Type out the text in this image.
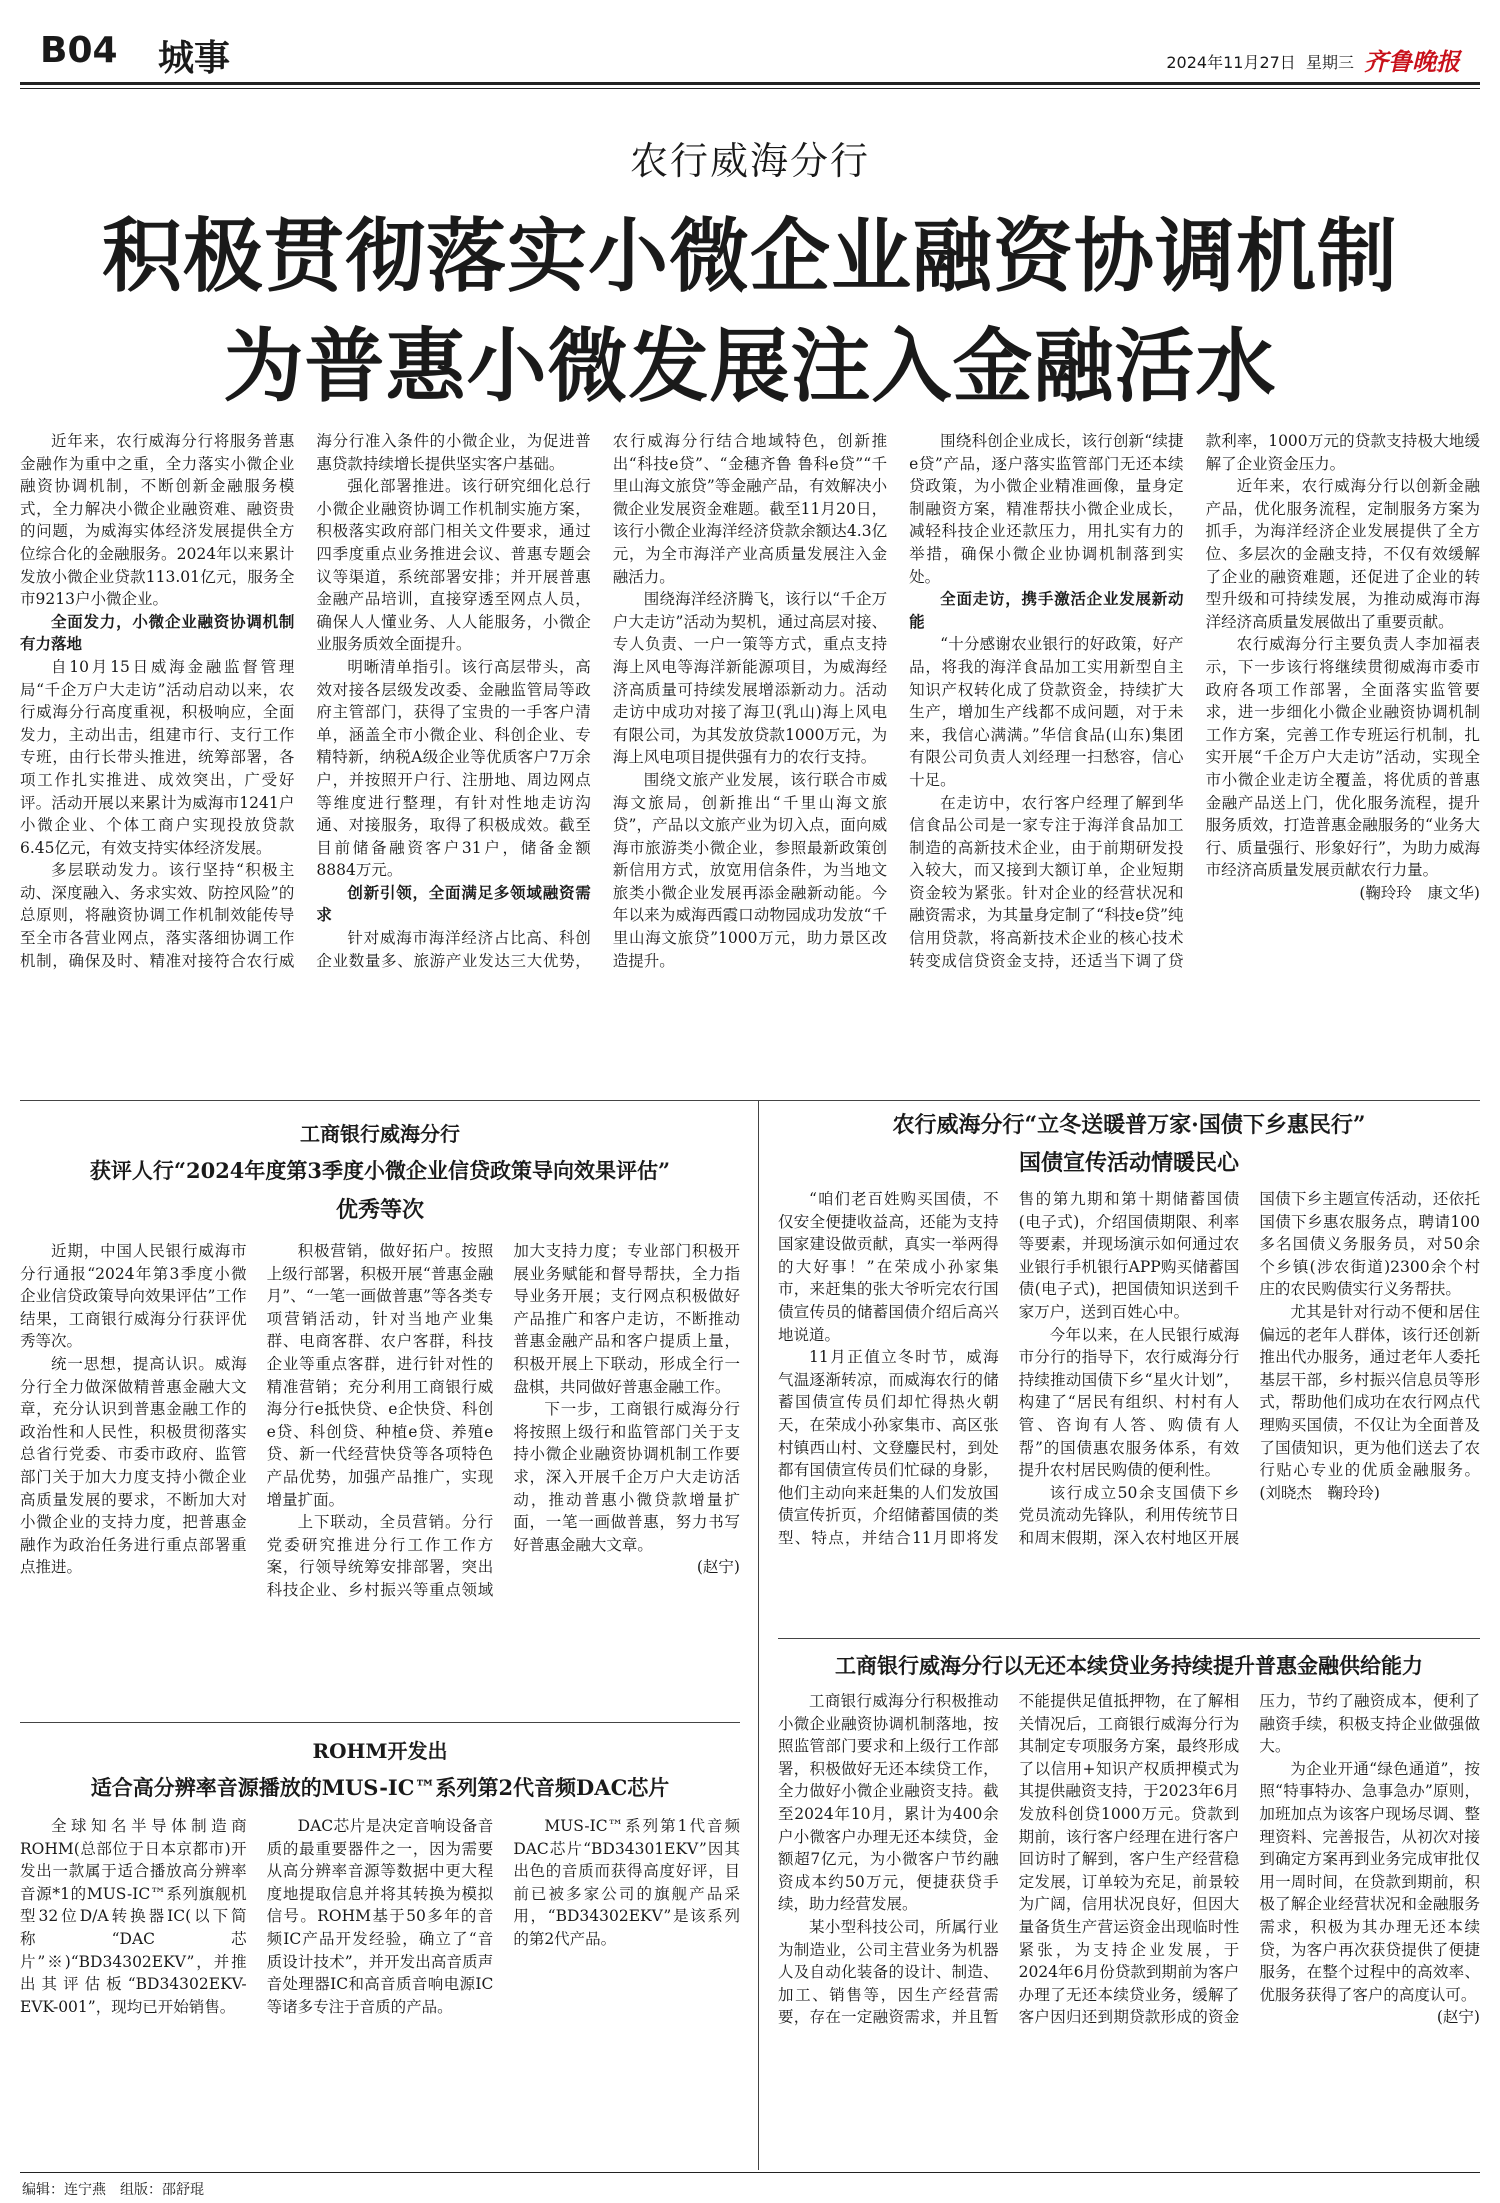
B04 城事	2024年11月27日 星期三 齐鲁晚报
农行威海分行
积极贯彻落实小微企业融资协调机制
为普惠小微发展注入金融活水

近年来，农行威海分行将服务普惠金融作为重中之重，全力落实小微企业融资协调机制，不断创新金融服务模式，全力解决小微企业融资难、融资贵的问题，为威海实体经济发展提供全方位综合化的金融服务。2024年以来累计发放小微企业贷款113.01亿元，服务全市9213户小微企业。

全面发力，小微企业融资协调机制有力落地

自10月15日威海金融监督管理局“千企万户大走访”活动启动以来，农行威海分行高度重视，积极响应，全面发力，主动出击，组建市行、支行工作专班，由行长带头推进，统筹部署，各项工作扎实推进、成效突出，广受好评。活动开展以来累计为威海市1241户小微企业、个体工商户实现投放贷款6.45亿元，有效支持实体经济发展。

多层联动发力。该行坚持“积极主动、深度融入、务求实效、防控风险”的总原则，将融资协调工作机制效能传导至全市各营业网点，落实落细协调工作机制，确保及时、精准对接符合农行威海分行准入条件的小微企业，为促进普惠贷款持续增长提供坚实客户基础。

强化部署推进。该行研究细化总行小微企业融资协调工作机制实施方案，积极落实政府部门相关文件要求，通过四季度重点业务推进会议、普惠专题会议等渠道，系统部署安排；并开展普惠金融产品培训，直接穿透至网点人员，确保人人懂业务、人人能服务，小微企业服务质效全面提升。

明晰清单指引。该行高层带头，高效对接各层级发改委、金融监管局等政府主管部门，获得了宝贵的一手客户清单，涵盖全市小微企业、科创企业、专精特新，纳税A级企业等优质客户7万余户，并按照开户行、注册地、周边网点等维度进行整理，有针对性地走访沟通、对接服务，取得了积极成效。截至目前储备融资客户31户，储备金额8884万元。

创新引领，全面满足多领域融资需求

针对威海市海洋经济占比高、科创企业数量多、旅游产业发达三大优势，农行威海分行结合地域特色，创新推出“科技e贷”、“金穗齐鲁 鲁科e贷”“千里山海文旅贷”等金融产品，有效解决小微企业发展资金难题。截至11月20日，该行小微企业海洋经济贷款余额达4.3亿元，为全市海洋产业高质量发展注入金融活力。

围绕海洋经济腾飞，该行以“千企万户大走访”活动为契机，通过高层对接、专人负责、一户一策等方式，重点支持海上风电等海洋新能源项目，为威海经济高质量可持续发展增添新动力。活动走访中成功对接了海卫(乳山)海上风电有限公司，为其发放贷款1000万元，为海上风电项目提供强有力的农行支持。

围绕文旅产业发展，该行联合市威海文旅局，创新推出“千里山海文旅贷”，产品以文旅产业为切入点，面向威海市旅游类小微企业，参照最新政策创新信用方式，放宽用信条件，为当地文旅类小微企业发展再添金融新动能。今年以来为威海西霞口动物园成功发放“千里山海文旅贷”1000万元，助力景区改造提升。

围绕科创企业成长，该行创新“续捷e贷”产品，逐户落实监管部门无还本续贷政策，为小微企业精准画像，量身定制融资方案，精准帮扶小微企业成长，减轻科技企业还款压力，用扎实有力的举措，确保小微企业协调机制落到实处。

全面走访，携手激活企业发展新动能

“十分感谢农业银行的好政策，好产品，将我的海洋食品加工实用新型自主知识产权转化成了贷款资金，持续扩大生产，增加生产线都不成问题，对于未来，我信心满满。”华信食品(山东)集团有限公司负责人刘经理一扫愁容，信心十足。

在走访中，农行客户经理了解到华信食品公司是一家专注于海洋食品加工制造的高新技术企业，由于前期研发投入较大，而又接到大额订单，企业短期资金较为紧张。针对企业的经营状况和融资需求，为其量身定制了“科技e贷”纯信用贷款，将高新技术企业的核心技术转变成信贷资金支持，还适当下调了贷款利率，1000万元的贷款支持极大地缓解了企业资金压力。

近年来，农行威海分行以创新金融产品，优化服务流程，定制服务方案为抓手，为海洋经济企业发展提供了全方位、多层次的金融支持，不仅有效缓解了企业的融资难题，还促进了企业的转型升级和可持续发展，为推动威海市海洋经济高质量发展做出了重要贡献。

农行威海分行主要负责人李加福表示，下一步该行将继续贯彻威海市委市政府各项工作部署，全面落实监管要求，进一步细化小微企业融资协调机制工作方案，完善工作专班运行机制，扎实开展“千企万户大走访”活动，实现全市小微企业走访全覆盖，将优质的普惠金融产品送上门，优化服务流程，提升服务质效，打造普惠金融服务的“业务大行、质量强行、形象好行”，为助力威海市经济高质量发展贡献农行力量。

(鞠玲玲　康文华)

工商银行威海分行
获评人行“2024年度第3季度小微企业信贷政策导向效果评估”
优秀等次

近期，中国人民银行威海市分行通报“2024年第3季度小微企业信贷政策导向效果评估”工作结果，工商银行威海分行获评优秀等次。

统一思想，提高认识。威海分行全力做深做精普惠金融大文章，充分认识到普惠金融工作的政治性和人民性，积极贯彻落实总省行党委、市委市政府、监管部门关于加大力度支持小微企业高质量发展的要求，不断加大对小微企业的支持力度，把普惠金融作为政治任务进行重点部署重点推进。

积极营销，做好拓户。按照上级行部署，积极开展“普惠金融月”、“一笔一画做普惠”等各类专项营销活动，针对当地产业集群、电商客群、农户客群，科技企业等重点客群，进行针对性的精准营销；充分利用工商银行威海分行e抵快贷、e企快贷、科创e贷、科创贷、种植e贷、养殖e贷、新一代经营快贷等各项特色产品优势，加强产品推广，实现增量扩面。

上下联动，全员营销。分行党委研究推进分行工作工作方案，行领导统筹安排部署，突出科技企业、乡村振兴等重点领域加大支持力度；专业部门积极开展业务赋能和督导帮扶，全力指导业务开展；支行网点积极做好产品推广和客户走访，不断推动普惠金融产品和客户提质上量，积极开展上下联动，形成全行一盘棋，共同做好普惠金融工作。

下一步，工商银行威海分行将按照上级行和监管部门关于支持小微企业融资协调机制工作要求，深入开展千企万户大走访活动，推动普惠小微贷款增量扩面，一笔一画做普惠，努力书写好普惠金融大文章。

(赵宁)

农行威海分行“立冬送暖普万家·国债下乡惠民行”
国债宣传活动情暖民心

“咱们老百姓购买国债，不仅安全便捷收益高，还能为支持国家建设做贡献，真实一举两得的大好事！”在荣成小孙家集市，来赶集的张大爷听完农行国债宣传员的储蓄国债介绍后高兴地说道。

11月正值立冬时节，威海气温逐渐转凉，而威海农行的储蓄国债宣传员们却忙得热火朝天，在荣成小孙家集市、高区张村镇西山村、文登鏖民村，到处都有国债宣传员们忙碌的身影，他们主动向来赶集的人们发放国债宣传折页，介绍储蓄国债的类型、特点，并结合11月即将发售的第九期和第十期储蓄国债(电子式)，介绍国债期限、利率等要素，并现场演示如何通过农业银行手机银行APP购买储蓄国债(电子式)，把国债知识送到千家万户，送到百姓心中。

今年以来，在人民银行威海市分行的指导下，农行威海分行持续推动国债下乡“星火计划”，构建了“居民有组织、村村有人管、咨询有人答、购债有人帮”的国债惠农服务体系，有效提升农村居民购债的便利性。

该行成立50余支国债下乡党员流动先锋队，利用传统节日和周末假期，深入农村地区开展国债下乡主题宣传活动，还依托国债下乡惠农服务点，聘请100多名国债义务服务员，对50余个乡镇(涉农街道)2300余个村庄的农民购债实行义务帮扶。

尤其是针对行动不便和居住偏远的老年人群体，该行还创新推出代办服务，通过老年人委托基层干部，乡村振兴信息员等形式，帮助他们成功在农行网点代理购买国债，不仅让为全面普及了国债知识，更为他们送去了农行贴心专业的优质金融服务。(刘晓杰　鞠玲玲)

工商银行威海分行以无还本续贷业务持续提升普惠金融供给能力

工商银行威海分行积极推动小微企业融资协调机制落地，按照监管部门要求和上级行工作部署，积极做好无还本续贷工作，全力做好小微企业融资支持。截至2024年10月，累计为400余户小微客户办理无还本续贷，金额超7亿元，为小微客户节约融资成本约50万元，便捷获贷手续，助力经营发展。

某小型科技公司，所属行业为制造业，公司主营业务为机器人及自动化装备的设计、制造、加工、销售等，因生产经营需要，存在一定融资需求，并且暂不能提供足值抵押物，在了解相关情况后，工商银行威海分行为其制定专项服务方案，最终形成了以信用+知识产权质押模式为其提供融资支持，于2023年6月发放科创贷1000万元。贷款到期前，该行客户经理在进行客户回访时了解到，客户生产经营稳定发展，订单较为充足，前景较为广阔，信用状况良好，但因大量备货生产营运资金出现临时性紧张，为支持企业发展，于2024年6月份贷款到期前为客户办理了无还本续贷业务，缓解了客户因归还到期贷款形成的资金压力，节约了融资成本，便利了融资手续，积极支持企业做强做大。

为企业开通“绿色通道”，按照“特事特办、急事急办”原则，加班加点为该客户现场尽调、整理资料、完善报告，从初次对接到确定方案再到业务完成审批仅用一周时间，在贷款到期前，积极了解企业经营状况和金融服务需求，积极为其办理无还本续贷，为客户再次获贷提供了便捷服务，在整个过程中的高效率、优服务获得了客户的高度认可。

(赵宁)

ROHM开发出
适合高分辨率音源播放的MUS-IC™系列第2代音频DAC芯片

全球知名半导体制造商ROHM(总部位于日本京都市)开发出一款属于适合播放高分辨率音源*1的MUS-IC™系列旗舰机型32位D/A转换器IC(以下简称“DAC芯片”※)“BD34302EKV”，并推出其评估板“BD34302EKV-EVK-001”，现均已开始销售。

DAC芯片是决定音响设备音质的最重要器件之一，因为需要从高分辨率音源等数据中更大程度地提取信息并将其转换为模拟信号。ROHM基于50多年的音频IC产品开发经验，确立了“音质设计技术”，并开发出高音质声音处理器IC和高音质音响电源IC等诸多专注于音质的产品。

MUS-IC™系列第1代音频DAC芯片“BD34301EKV”因其出色的音质而获得高度好评，目前已被多家公司的旗舰产品采用，“BD34302EKV”是该系列的第2代产品。

编辑：连宁燕　组版：邵舒琨
